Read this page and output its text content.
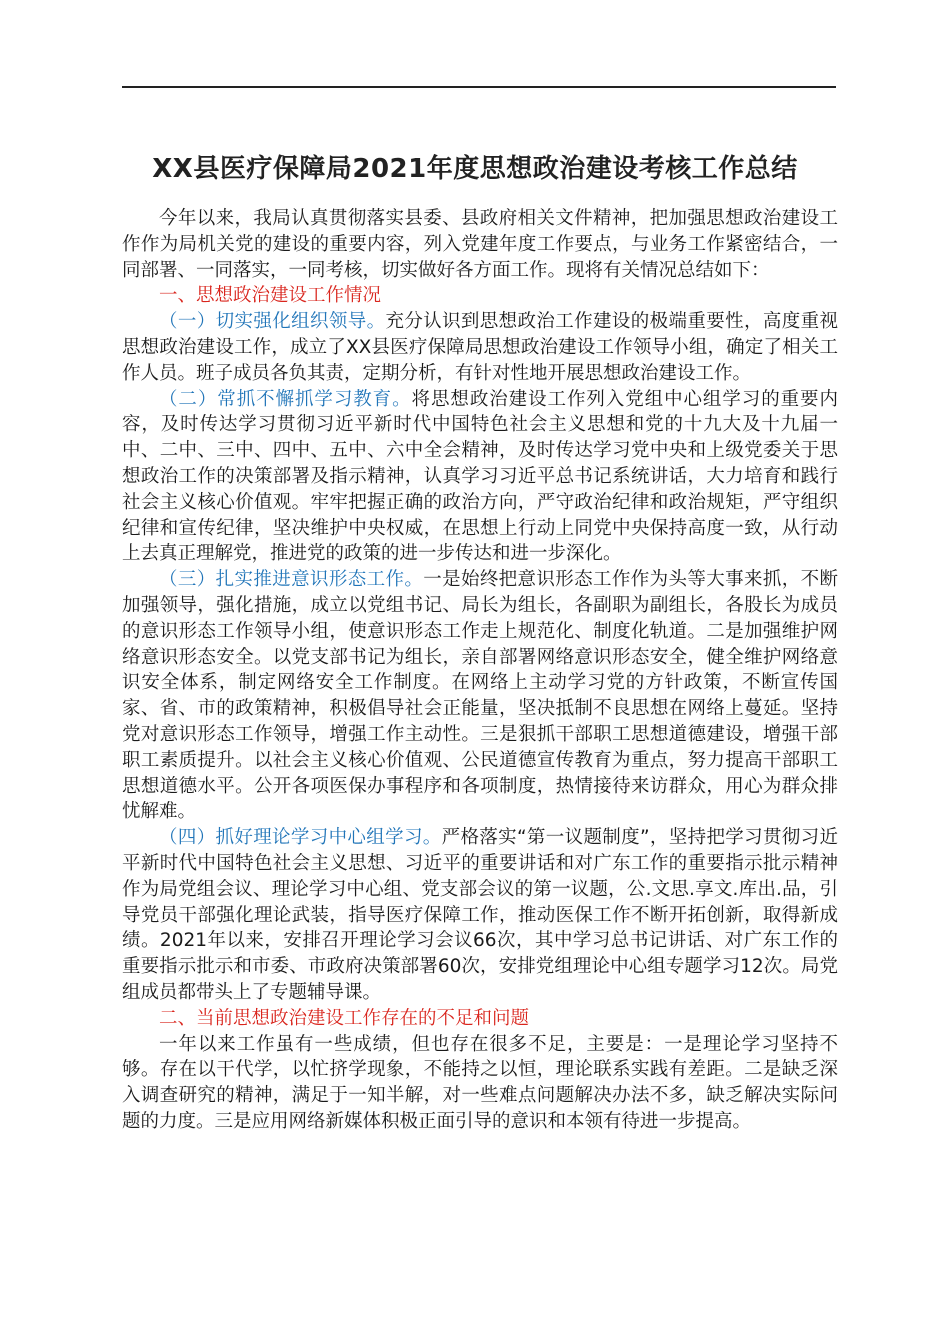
XX县医疗保障局2021年度思想政治建设考核工作总结

今年以来，我局认真贯彻落实县委、县政府相关文件精神，把加强思想政治建设工作作为局机关党的建设的重要内容，列入党建年度工作要点，与业务工作紧密结合，一同部署、一同落实，一同考核，切实做好各方面工作。现将有关情况总结如下：

一、思想政治建设工作情况

（一）切实强化组织领导。充分认识到思想政治工作建设的极端重要性，高度重视思想政治建设工作，成立了XX县医疗保障局思想政治建设工作领导小组，确定了相关工作人员。班子成员各负其责，定期分析，有针对性地开展思想政治建设工作。

（二）常抓不懈抓学习教育。将思想政治建设工作列入党组中心组学习的重要内容，及时传达学习贯彻习近平新时代中国特色社会主义思想和党的十九大及十九届一中、二中、三中、四中、五中、六中全会精神，及时传达学习党中央和上级党委关于思想政治工作的决策部署及指示精神，认真学习习近平总书记系统讲话，大力培育和践行社会主义核心价值观。牢牢把握正确的政治方向，严守政治纪律和政治规矩，严守组织纪律和宣传纪律，坚决维护中央权威，在思想上行动上同党中央保持高度一致，从行动上去真正理解党，推进党的政策的进一步传达和进一步深化。

（三）扎实推进意识形态工作。一是始终把意识形态工作作为头等大事来抓，不断加强领导，强化措施，成立以党组书记、局长为组长，各副职为副组长，各股长为成员的意识形态工作领导小组，使意识形态工作走上规范化、制度化轨道。二是加强维护网络意识形态安全。以党支部书记为组长，亲自部署网络意识形态安全，健全维护网络意识安全体系，制定网络安全工作制度。在网络上主动学习党的方针政策，不断宣传国家、省、市的政策精神，积极倡导社会正能量，坚决抵制不良思想在网络上蔓延。坚持党对意识形态工作领导，增强工作主动性。三是狠抓干部职工思想道德建设，增强干部职工素质提升。以社会主义核心价值观、公民道德宣传教育为重点，努力提高干部职工思想道德水平。公开各项医保办事程序和各项制度，热情接待来访群众，用心为群众排忧解难。

（四）抓好理论学习中心组学习。严格落实“第一议题制度”，坚持把学习贯彻习近平新时代中国特色社会主义思想、习近平的重要讲话和对广东工作的重要指示批示精神作为局党组会议、理论学习中心组、党支部会议的第一议题，公.文思.享文.库出.品，引导党员干部强化理论武装，指导医疗保障工作，推动医保工作不断开拓创新，取得新成绩。2021年以来，安排召开理论学习会议66次，其中学习总书记讲话、对广东工作的重要指示批示和市委、市政府决策部署60次，安排党组理论中心组专题学习12次。局党组成员都带头上了专题辅导课。

二、当前思想政治建设工作存在的不足和问题

一年以来工作虽有一些成绩，但也存在很多不足，主要是：一是理论学习坚持不够。存在以干代学，以忙挤学现象，不能持之以恒，理论联系实践有差距。二是缺乏深入调查研究的精神，满足于一知半解，对一些难点问题解决办法不多，缺乏解决实际问题的力度。三是应用网络新媒体积极正面引导的意识和本领有待进一步提高。
